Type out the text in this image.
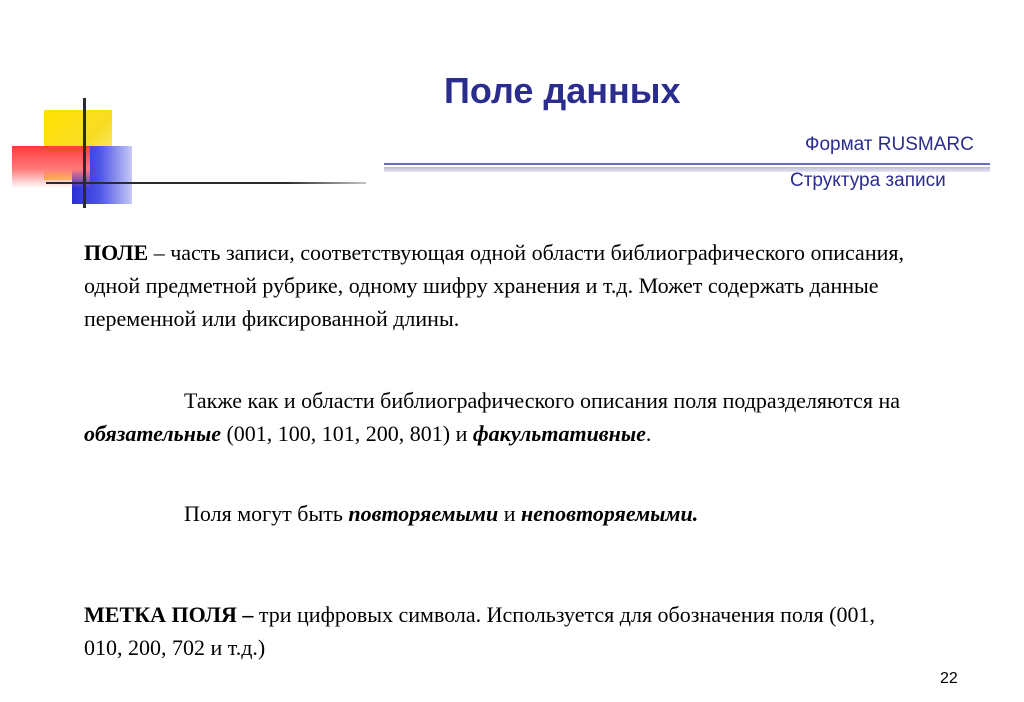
Поле данных
Формат RUSMARC
Структура записи

ПОЛЕ – часть записи, соответствующая одной области библиографического описания, одной предметной рубрике, одному шифру хранения и т.д. Может содержать данные переменной или фиксированной длины.

Также как и области библиографического описания поля подразделяются на обязательные (001, 100, 101, 200, 801) и факультативные.

Поля могут быть повторяемыми и неповторяемыми.

МЕТКА ПОЛЯ – три цифровых символа. Используется для обозначения поля (001, 010, 200, 702 и т.д.)

22
